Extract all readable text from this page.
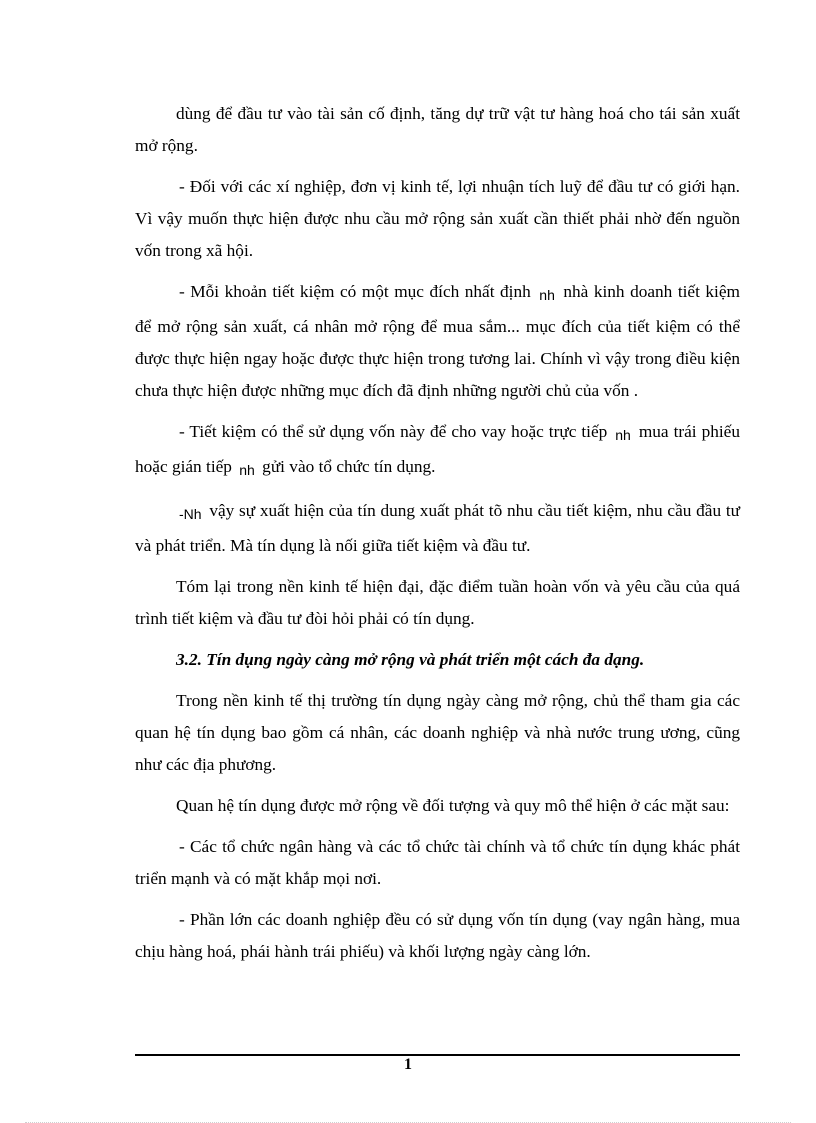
dùng để đầu tư vào tài sản cố định, tăng dự trữ vật tư hàng hoá cho tái sản xuất mở rộng.

- Đối với các xí nghiệp, đơn vị kinh tế, lợi nhuận tích luỹ để đầu tư có giới hạn. Vì vậy muốn thực hiện được nhu cầu mở rộng sản xuất cần thiết phải nhờ đến nguồn vốn trong xã hội.

- Mỗi khoản tiết kiệm có một mục đích nhất định nh nhà kinh doanh tiết kiệm để mở rộng sản xuất, cá nhân mở rộng để mua sắm... mục đích của tiết kiệm có thể được thực hiện ngay hoặc được thực hiện trong tương lai. Chính vì vậy trong điều kiện chưa thực hiện được những mục đích đã định những người chủ của vốn .

- Tiết kiệm có thể sử dụng vốn này để cho vay hoặc trực tiếp nh mua trái phiếu hoặc gián tiếp nh gửi vào tổ chức tín dụng.

-Nh vậy sự xuất hiện của tín dung xuất phát tõ nhu cầu tiết kiệm, nhu cầu đầu tư và phát triển. Mà tín dụng là nối giữa tiết kiệm và đầu tư.

Tóm lại trong nền kinh tế hiện đại, đặc điểm tuần hoàn vốn và yêu cầu của quá trình tiết kiệm và đầu tư đòi hỏi phải có tín dụng.

3.2. Tín dụng ngày càng mở rộng và phát triển một cách đa dạng.

Trong nền kinh tế thị trường tín dụng ngày càng mở rộng, chủ thể tham gia các quan hệ tín dụng bao gồm cá nhân, các doanh nghiệp và nhà nước trung ương, cũng như các địa phương.

Quan hệ tín dụng được mở rộng về đối tượng và quy mô thể hiện ở các mặt sau:

- Các tổ chức ngân hàng và các tổ chức tài chính và tổ chức tín dụng khác phát triển mạnh và có mặt khắp mọi nơi.

- Phần lớn các doanh nghiệp đều có sử dụng vốn tín dụng (vay ngân hàng, mua chịu hàng hoá, phái hành trái phiếu) và khối lượng ngày càng lớn.

1
